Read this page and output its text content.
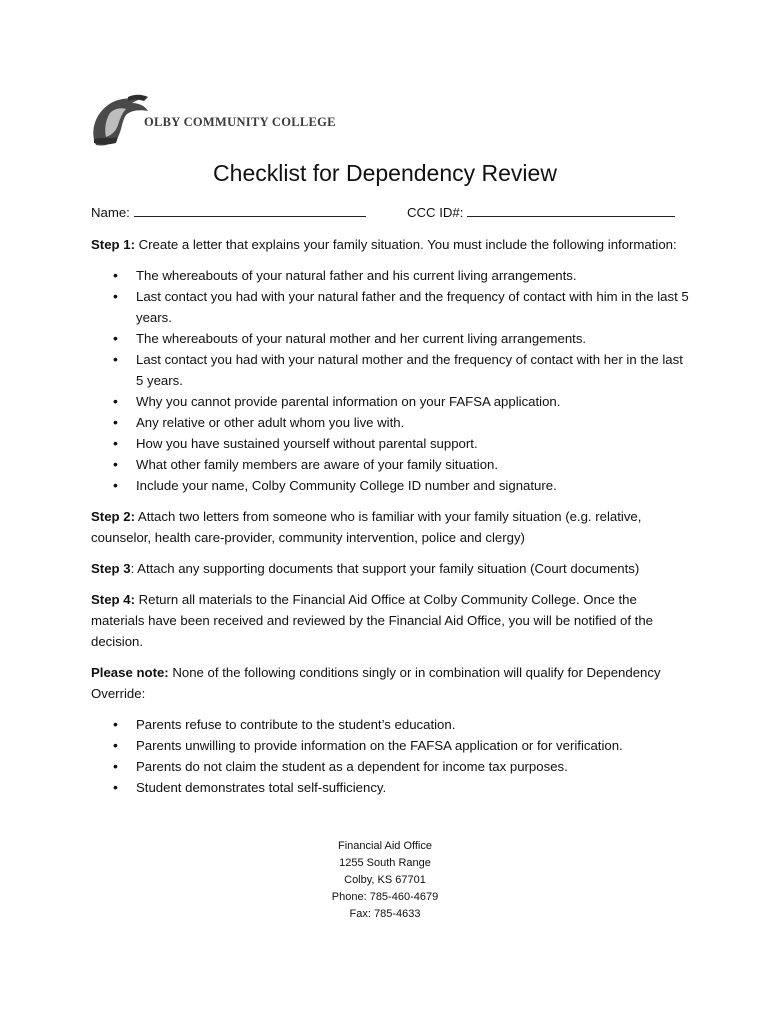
OLBY COMMUNITY COLLEGE
Checklist for Dependency Review
Name:	CCC ID#:

Step 1: Create a letter that explains your family situation. You must include the following information:

• The whereabouts of your natural father and his current living arrangements.
• Last contact you had with your natural father and the frequency of contact with him in the last 5 years.
• The whereabouts of your natural mother and her current living arrangements.
• Last contact you had with your natural mother and the frequency of contact with her in the last 5 years.
• Why you cannot provide parental information on your FAFSA application.
• Any relative or other adult whom you live with.
• How you have sustained yourself without parental support.
• What other family members are aware of your family situation.
• Include your name, Colby Community College ID number and signature.

Step 2: Attach two letters from someone who is familiar with your family situation (e.g. relative, counselor, health care-provider, community intervention, police and clergy)

Step 3: Attach any supporting documents that support your family situation (Court documents)

Step 4: Return all materials to the Financial Aid Office at Colby Community College. Once the materials have been received and reviewed by the Financial Aid Office, you will be notified of the decision.

Please note: None of the following conditions singly or in combination will qualify for Dependency Override:

• Parents refuse to contribute to the student’s education.
• Parents unwilling to provide information on the FAFSA application or for verification.
• Parents do not claim the student as a dependent for income tax purposes.
• Student demonstrates total self-sufficiency.
Financial Aid Office
1255 South Range
Colby, KS 67701
Phone: 785-460-4679
Fax: 785-4633
